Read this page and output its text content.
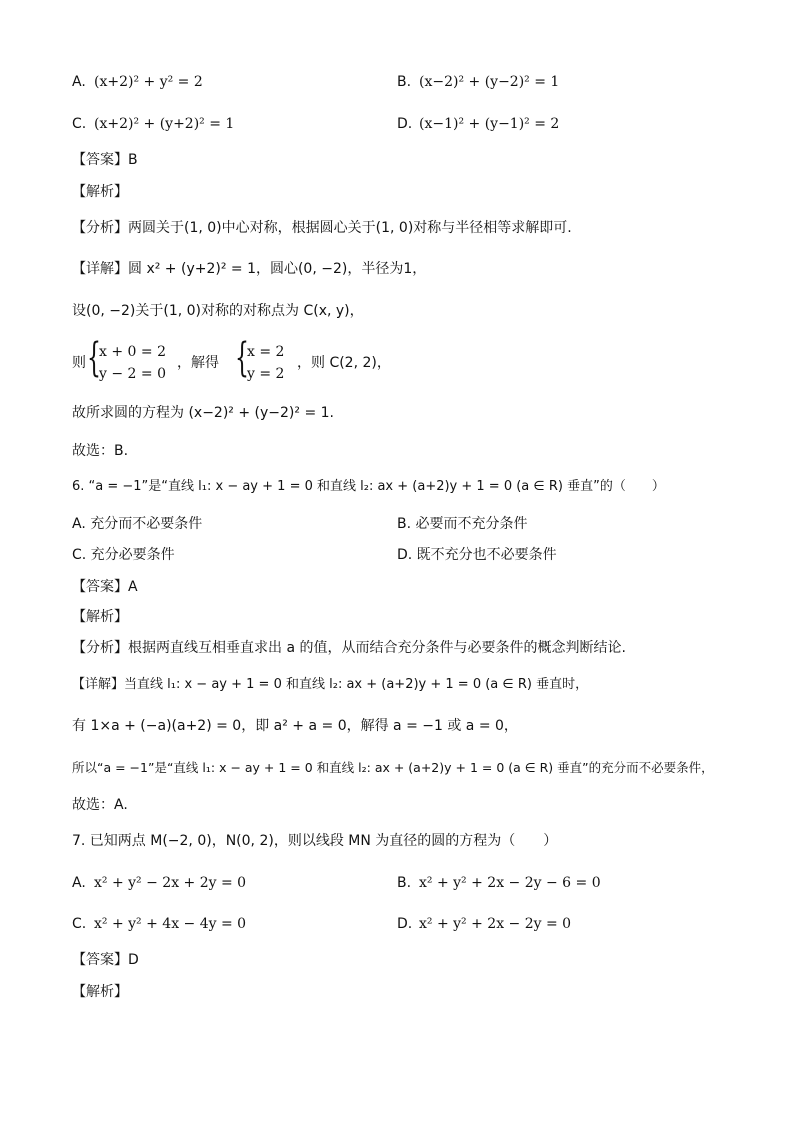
A. (x+2)² + y² = 2	B. (x−2)² + (y−2)² = 1
C. (x+2)² + (y+2)² = 1	D. (x−1)² + (y−1)² = 2
【答案】B
【解析】
【分析】两圆关于(1, 0)中心对称，根据圆心关于(1, 0)对称与半径相等求解即可.
【详解】圆 x² + (y+2)² = 1，圆心(0, −2)，半径为1，
设(0, −2)关于(1, 0)对称的对称点为 C(x, y)，
则 {
x + 0 = 2
y − 2 = 0
，解得 {
x = 2
y = 2
，则 C(2, 2)，
故所求圆的方程为 (x−2)² + (y−2)² = 1.
故选：B.
6. “a = −1”是“直线 l₁: x − ay + 1 = 0 和直线 l₂: ax + (a+2)y + 1 = 0 (a ∈ R) 垂直”的（　　）
A. 充分而不必要条件	B. 必要而不充分条件
C. 充分必要条件	D. 既不充分也不必要条件
【答案】A
【解析】
【分析】根据两直线互相垂直求出 a 的值，从而结合充分条件与必要条件的概念判断结论.
【详解】当直线 l₁: x − ay + 1 = 0 和直线 l₂: ax + (a+2)y + 1 = 0 (a ∈ R) 垂直时，
有 1×a + (−a)(a+2) = 0，即 a² + a = 0，解得 a = −1 或 a = 0，
所以“a = −1”是“直线 l₁: x − ay + 1 = 0 和直线 l₂: ax + (a+2)y + 1 = 0 (a ∈ R) 垂直”的充分而不必要条件，
故选：A.
7. 已知两点 M(−2, 0)，N(0, 2)，则以线段 MN 为直径的圆的方程为（　　）
A. x² + y² − 2x + 2y = 0	B. x² + y² + 2x − 2y − 6 = 0
C. x² + y² + 4x − 4y = 0	D. x² + y² + 2x − 2y = 0
【答案】D
【解析】
